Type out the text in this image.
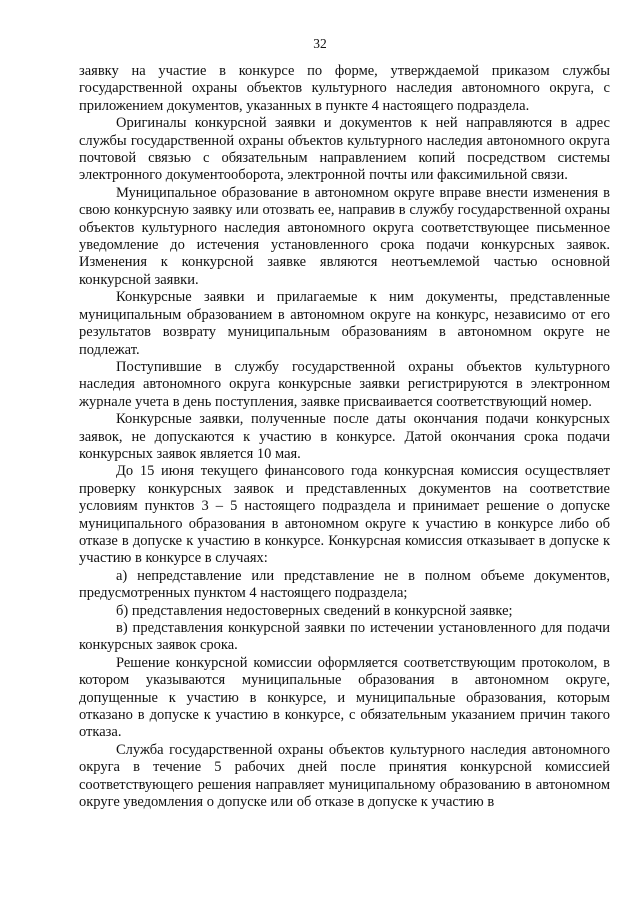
32

заявку на участие в конкурсе по форме, утверждаемой приказом службы государственной охраны объектов культурного наследия автономного округа, с приложением документов, указанных в пункте 4 настоящего подраздела.

Оригиналы конкурсной заявки и документов к ней направляются в адрес службы государственной охраны объектов культурного наследия автономного округа почтовой связью с обязательным направлением копий посредством системы электронного документооборота, электронной почты или факсимильной связи.

Муниципальное образование в автономном округе вправе внести изменения в свою конкурсную заявку или отозвать ее, направив в службу государственной охраны объектов культурного наследия автономного округа соответствующее письменное уведомление до истечения установленного срока подачи конкурсных заявок. Изменения к конкурсной заявке являются неотъемлемой частью основной конкурсной заявки.

Конкурсные заявки и прилагаемые к ним документы, представленные муниципальным образованием в автономном округе на конкурс, независимо от его результатов возврату муниципальным образованиям в автономном округе не подлежат.

Поступившие в службу государственной охраны объектов культурного наследия автономного округа конкурсные заявки регистрируются в электронном журнале учета в день поступления, заявке присваивается соответствующий номер.

Конкурсные заявки, полученные после даты окончания подачи конкурсных заявок, не допускаются к участию в конкурсе. Датой окончания срока подачи конкурсных заявок является 10 мая.

До 15 июня текущего финансового года конкурсная комиссия осуществляет проверку конкурсных заявок и представленных документов на соответствие условиям пунктов 3 – 5 настоящего подраздела и принимает решение о допуске муниципального образования в автономном округе к участию в конкурсе либо об отказе в допуске к участию в конкурсе. Конкурсная комиссия отказывает в допуске к участию в конкурсе в случаях:

а) непредставление или представление не в полном объеме документов, предусмотренных пунктом 4 настоящего подраздела;

б) представления недостоверных сведений в конкурсной заявке;

в) представления конкурсной заявки по истечении установленного для подачи конкурсных заявок срока.

Решение конкурсной комиссии оформляется соответствующим протоколом, в котором указываются муниципальные образования в автономном округе, допущенные к участию в конкурсе, и муниципальные образования, которым отказано в допуске к участию в конкурсе, с обязательным указанием причин такого отказа.

Служба государственной охраны объектов культурного наследия автономного округа в течение 5 рабочих дней после принятия конкурсной комиссией соответствующего решения направляет муниципальному образованию в автономном округе уведомления о допуске или об отказе в допуске к участию в
